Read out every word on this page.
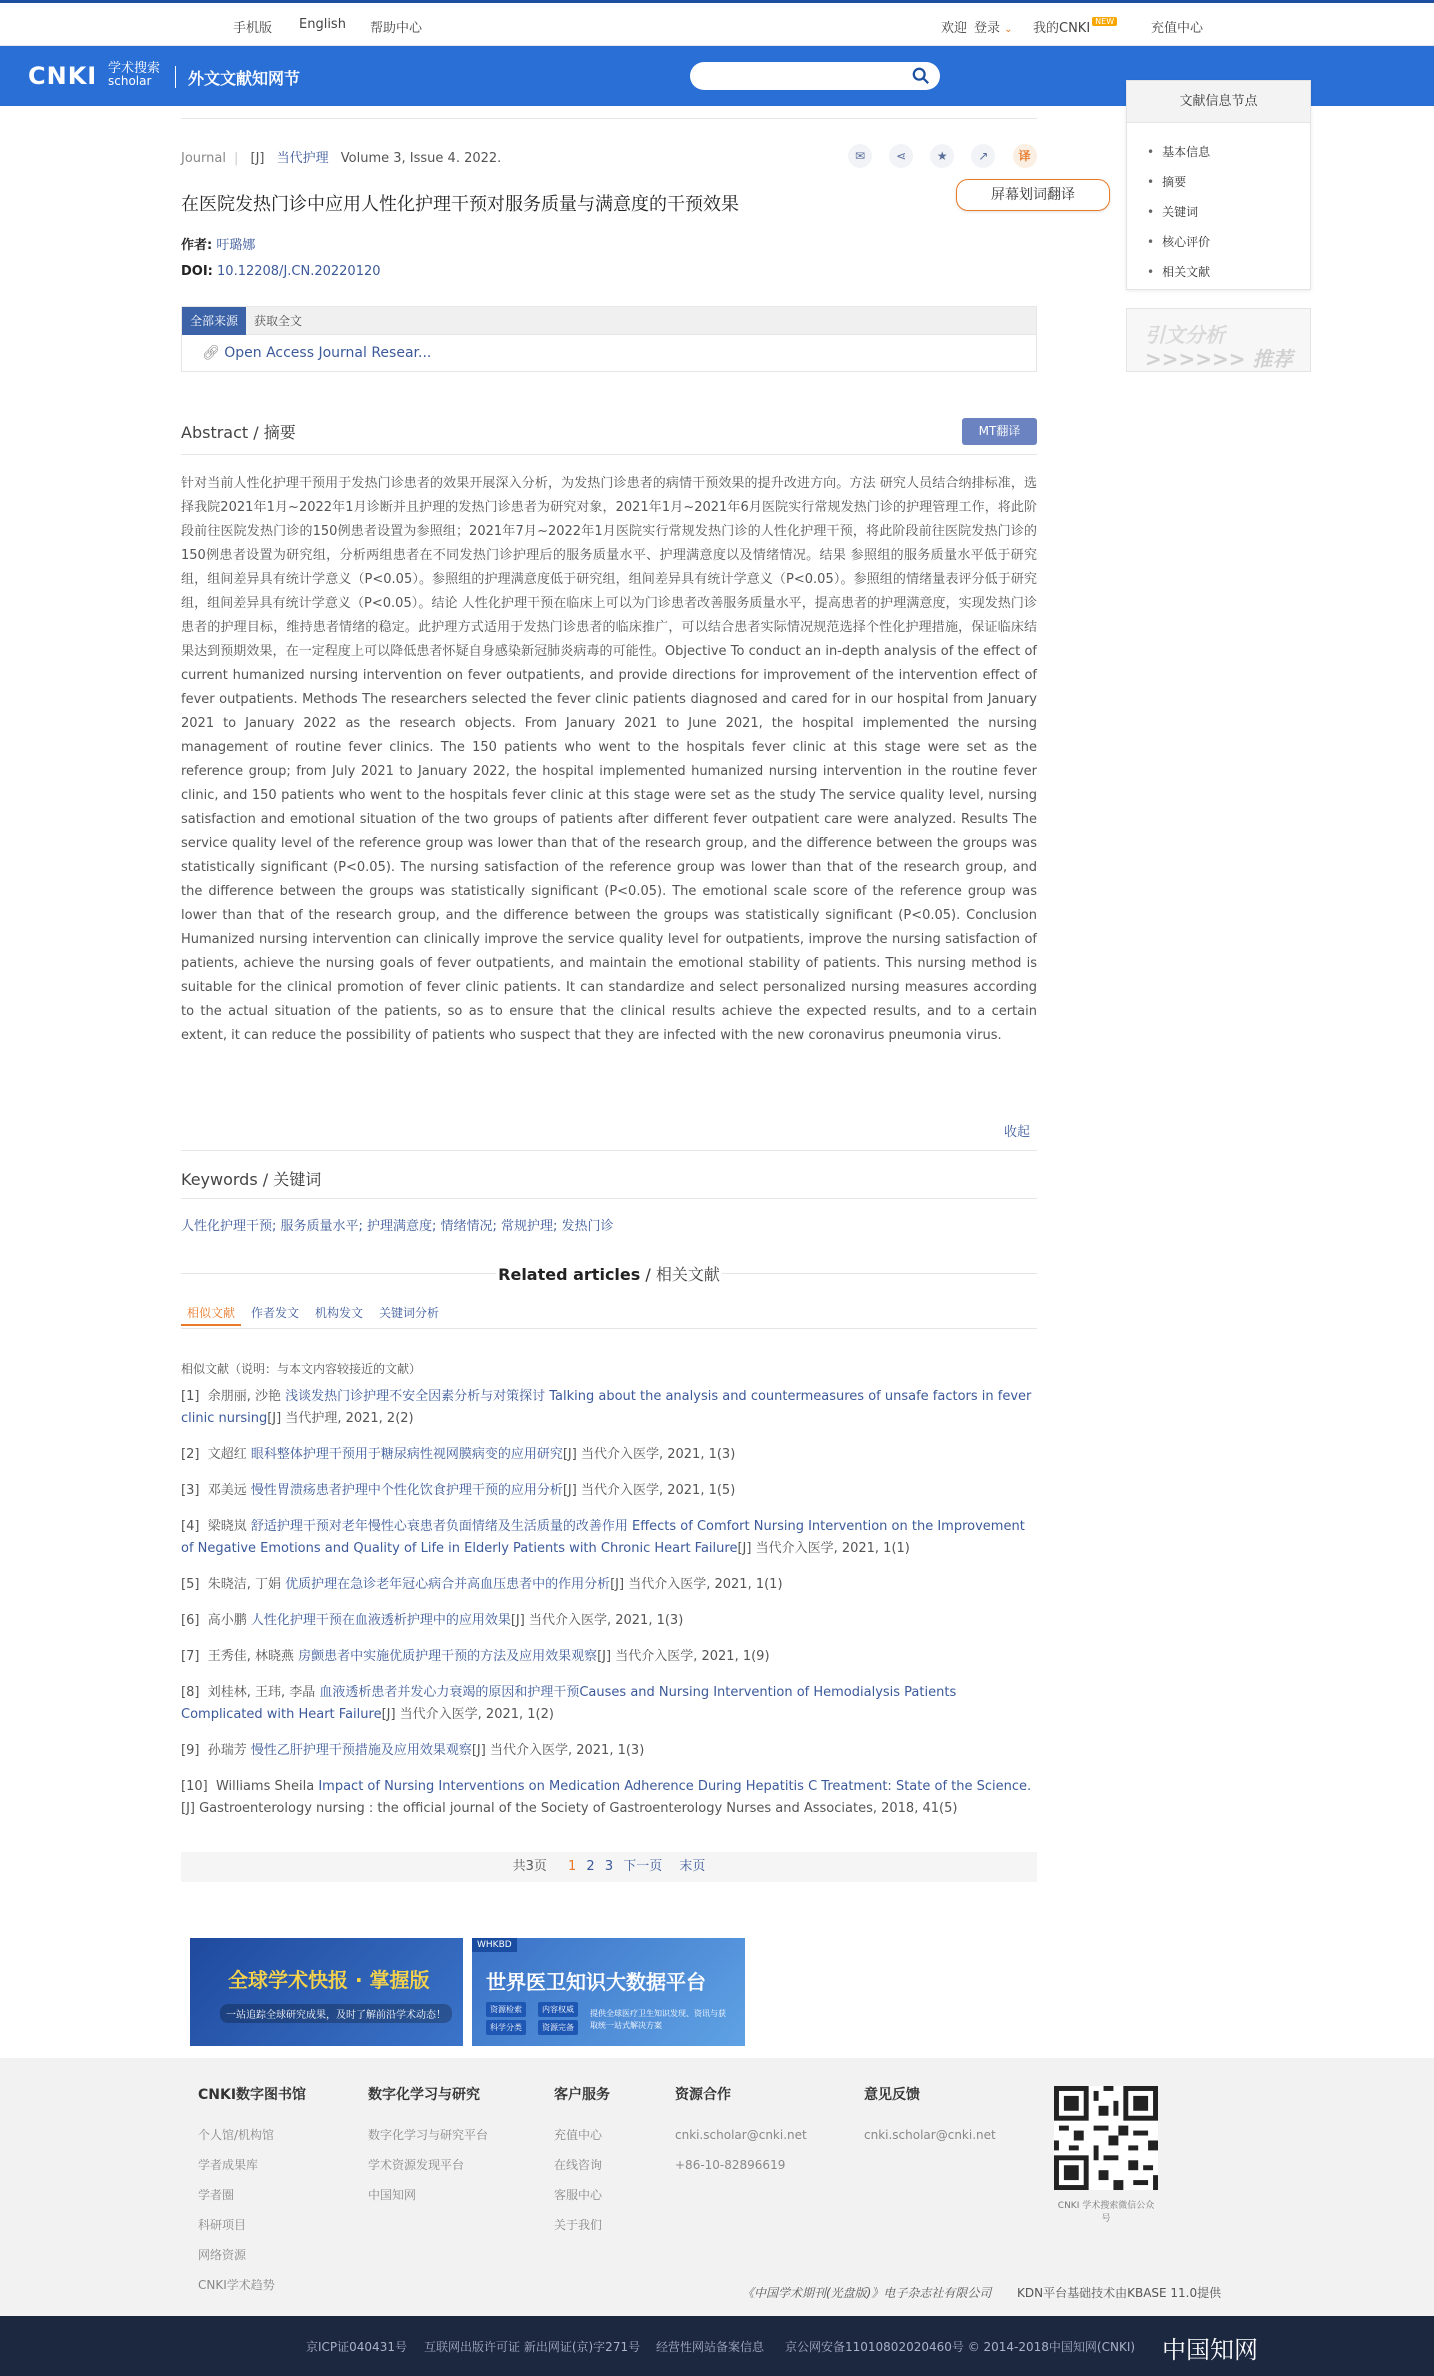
手机版 English 帮助中心	欢迎 登录 ⌄ 我的CNKI NEW	充值中心
CNKI 学术搜索
scholar	外文文献知网节
文献信息节点
• 基本信息
• 摘要
• 关键词
• 核心评价
• 相关文献
引文分析
>>>>>> 推荐
Journal | [J] 当代护理 Volume 3, Issue 4. 2022.	✉	⋖	★	↗	译
屏幕划词翻译
在医院发热门诊中应用人性化护理干预对服务质量与满意度的干预效果
作者: 吁璐娜
DOI: 10.12208/J.CN.20220120
全部来源 获取全文
🔗︎ Open Access Journal Resear...
Abstract / 摘要	MT翻译
针对当前人性化护理干预用于发热门诊患者的效果开展深入分析，为发热门诊患者的病情干预效果的提升改进方向。方法 研究人员结合纳排标准，选择我院2021年1月~2022年1月诊断并且护理的发热门诊患者为研究对象，2021年1月~2021年6月医院实行常规发热门诊的护理管理工作，将此阶段前往医院发热门诊的150例患者设置为参照组；2021年7月~2022年1月医院实行常规发热门诊的人性化护理干预，将此阶段前往医院发热门诊的150例患者设置为研究组，分析两组患者在不同发热门诊护理后的服务质量水平、护理满意度以及情绪情况。结果 参照组的服务质量水平低于研究组，组间差异具有统计学意义（P<0.05）。参照组的护理满意度低于研究组，组间差异具有统计学意义（P<0.05）。参照组的情绪量表评分低于研究组，组间差异具有统计学意义（P<0.05）。结论 人性化护理干预在临床上可以为门诊患者改善服务质量水平，提高患者的护理满意度，实现发热门诊患者的护理目标，维持患者情绪的稳定。此护理方式适用于发热门诊患者的临床推广，可以结合患者实际情况规范选择个性化护理措施，保证临床结果达到预期效果，在一定程度上可以降低患者怀疑自身感染新冠肺炎病毒的可能性。Objective To conduct an in-depth analysis of the effect of current humanized nursing intervention on fever outpatients, and provide directions for improvement of the intervention effect of fever outpatients. Methods The researchers selected the fever clinic patients diagnosed and cared for in our hospital from January 2021 to January 2022 as the research objects. From January 2021 to June 2021, the hospital implemented the nursing management of routine fever clinics. The 150 patients who went to the hospitals fever clinic at this stage were set as the reference group; from July 2021 to January 2022, the hospital implemented humanized nursing intervention in the routine fever clinic, and 150 patients who went to the hospitals fever clinic at this stage were set as the study The service quality level, nursing satisfaction and emotional situation of the two groups of patients after different fever outpatient care were analyzed. Results The service quality level of the reference group was lower than that of the research group, and the difference between the groups was statistically significant (P<0.05). The nursing satisfaction of the reference group was lower than that of the research group, and the difference between the groups was statistically significant (P<0.05). The emotional scale score of the reference group was lower than that of the research group, and the difference between the groups was statistically significant (P<0.05). Conclusion Humanized nursing intervention can clinically improve the service quality level for outpatients, improve the nursing satisfaction of patients, achieve the nursing goals of fever outpatients, and maintain the emotional stability of patients. This nursing method is suitable for the clinical promotion of fever clinic patients. It can standardize and select personalized nursing measures according to the actual situation of the patients, so as to ensure that the clinical results achieve the expected results, and to a certain extent, it can reduce the possibility of patients who suspect that they are infected with the new coronavirus pneumonia virus.
收起
Keywords / 关键词
人性化护理干预; 服务质量水平; 护理满意度; 情绪情况; 常规护理; 发热门诊
Related articles / 相关文献
相似文献 作者发文 机构发文 关键词分析
相似文献（说明：与本文内容较接近的文献）
[1] 余朋丽, 沙艳 浅谈发热门诊护理不安全因素分析与对策探讨 Talking about the analysis and countermeasures of unsafe factors in fever clinic nursing[J] 当代护理, 2021, 2(2)
[2] 文超红 眼科整体护理干预用于糖尿病性视网膜病变的应用研究[J] 当代介入医学, 2021, 1(3)
[3] 邓美远 慢性胃溃疡患者护理中个性化饮食护理干预的应用分析[J] 当代介入医学, 2021, 1(5)
[4] 梁晓岚 舒适护理干预对老年慢性心衰患者负面情绪及生活质量的改善作用 Effects of Comfort Nursing Intervention on the Improvement of Negative Emotions and Quality of Life in Elderly Patients with Chronic Heart Failure[J] 当代介入医学, 2021, 1(1)
[5] 朱晓洁, 丁娟 优质护理在急诊老年冠心病合并高血压患者中的作用分析[J] 当代介入医学, 2021, 1(1)
[6] 高小鹏 人性化护理干预在血液透析护理中的应用效果[J] 当代介入医学, 2021, 1(3)
[7] 王秀佳, 林晓燕 房颤患者中实施优质护理干预的方法及应用效果观察[J] 当代介入医学, 2021, 1(9)
[8] 刘桂林, 王玮, 李晶 血液透析患者并发心力衰竭的原因和护理干预Causes and Nursing Intervention of Hemodialysis Patients Complicated with Heart Failure[J] 当代介入医学, 2021, 1(2)
[9] 孙瑞芳 慢性乙肝护理干预措施及应用效果观察[J] 当代介入医学, 2021, 1(3)
[10] Williams Sheila Impact of Nursing Interventions on Medication Adherence During Hepatitis C Treatment: State of the Science.[J] Gastroenterology nursing : the official journal of the Society of Gastroenterology Nurses and Associates, 2018, 41(5)
共3页 1 2 3 下一页 末页
全球学术快报 · 掌握版
一站追踪全球研究成果，及时了解前沿学术动态！
WHKBD
世界医卫知识大数据平台
资源检索	内容权威
科学分类	资源完备
提供全球医疗卫生知识发现、资讯与获取统一站式解决方案
CNKI数字图书馆
个人馆/机构馆
学者成果库
学者圈
科研项目
网络资源
CNKI学术趋势
数字化学习与研究
数字化学习与研究平台
学术资源发现平台
中国知网
客户服务
充值中心
在线咨询
客服中心
关于我们
资源合作
cnki.scholar@cnki.net
+86-10-82896619
意见反馈
cnki.scholar@cnki.net
CNKI 学术搜索微信公众号
《中国学术期刊(光盘版)》电子杂志社有限公司 KDN平台基础技术由KBASE 11.0提供
京ICP证040431号 互联网出版许可证 新出网证(京)字271号 经营性网站备案信息 京公网安备11010802020460号 © 2014-2018中国知网(CNKI) 中国知网
